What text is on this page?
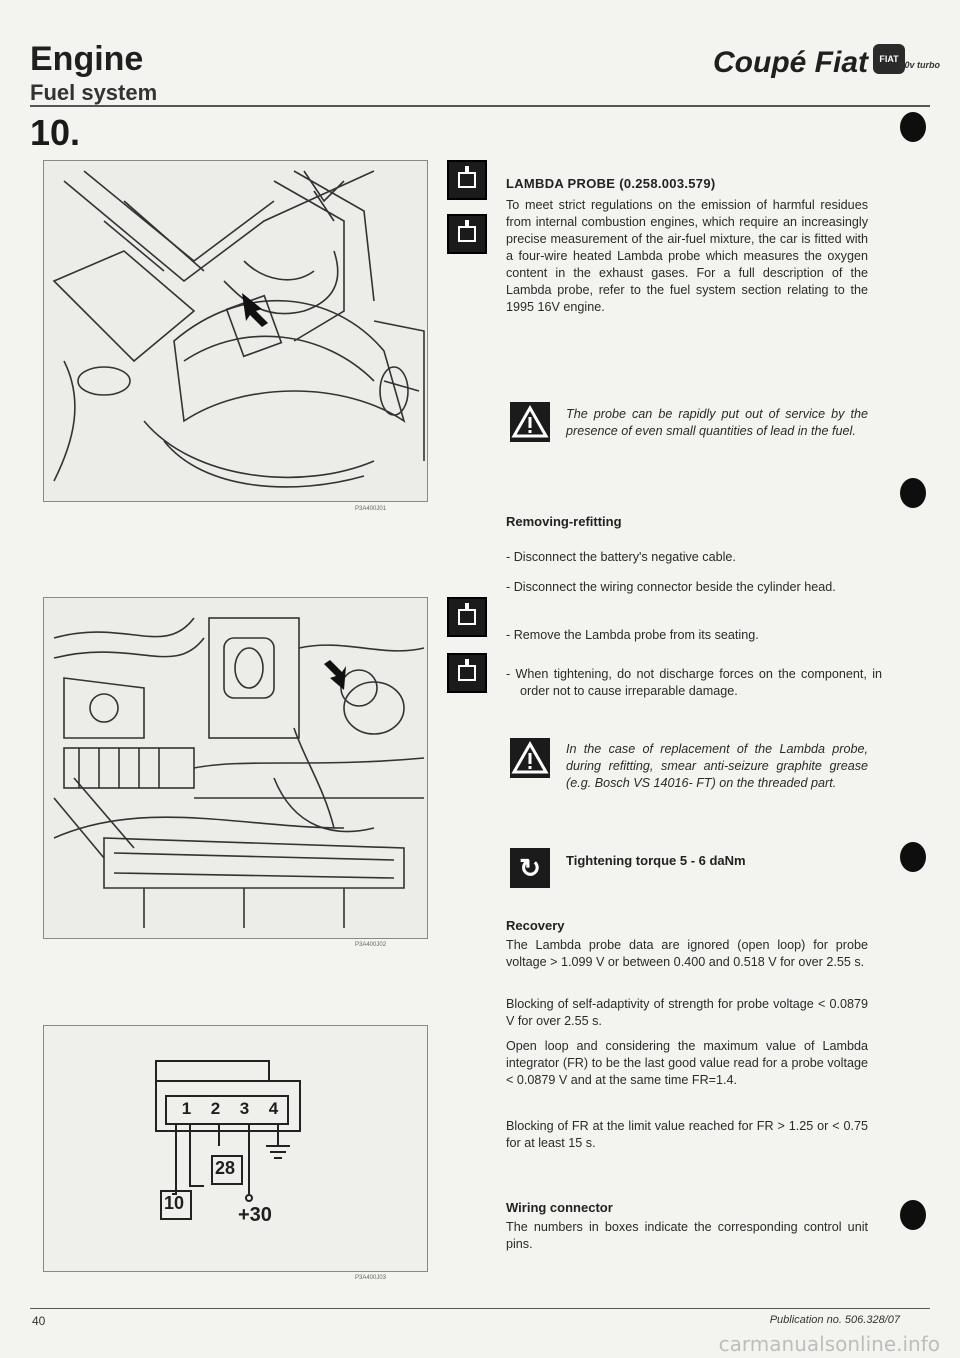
Engine
Fuel system
Coupé Fiat	FIAT
20v turbo
10.
P3A400J01
P3A400J02
1 2 3 4
28
10
+30
P3A400J03
LAMBDA PROBE (0.258.003.579)
To meet strict regulations on the emission of harmful residues from internal combustion engines, which require an increasingly precise measurement of the air-fuel mixture, the car is fitted with a four-wire heated Lambda probe which measures the oxygen content in the exhaust gases. For a full description of the Lambda probe, refer to the fuel system section relating to the 1995 16V engine.
The probe can be rapidly put out of service by the presence of even small quantities of lead in the fuel.
Removing-refitting
- Disconnect the battery's negative cable.
- Disconnect the wiring connector beside the cylinder head.
- Remove the Lambda probe from its seating.
- When tightening, do not discharge forces on the component, in order not to cause irreparable damage.
In the case of replacement of the Lambda probe, during refitting, smear anti-seizure graphite grease (e.g. Bosch VS 14016- FT) on the threaded part.
↻	Tightening torque 5 - 6 daNm
Recovery
The Lambda probe data are ignored (open loop) for probe voltage > 1.099 V or between 0.400 and 0.518 V for over 2.55 s.
Blocking of self-adaptivity of strength for probe voltage < 0.0879 V for over 2.55 s.
Open loop and considering the maximum value of Lambda integrator (FR) to be the last good value read for a probe voltage < 0.0879 V and at the same time FR=1.4.
Blocking of FR at the limit value reached for FR > 1.25 or < 0.75 for at least 15 s.
Wiring connector
The numbers in boxes indicate the corresponding control unit pins.
40	Publication no. 506.328/07
carmanualsonline.info
